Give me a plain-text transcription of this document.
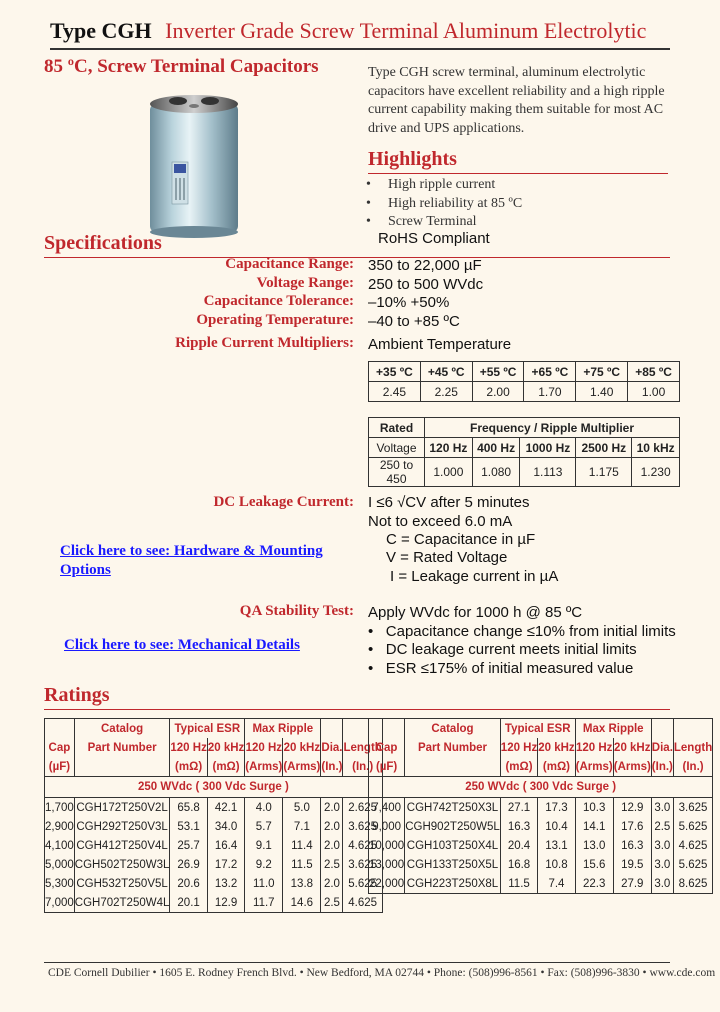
Type CGH Inverter Grade Screw Terminal Aluminum Electrolytic
85 ºC, Screw Terminal Capacitors	Type CGH screw terminal, aluminum electrolytic capacitors have excellent reliability and a high ripple current capability making them suitable for most AC drive and UPS applications.
Highlights
• High ripple current
• High reliability at 85 ºC
• Screw Terminal
RoHS Compliant
Specifications
Capacitance Range: 350 to 22,000 µF
Voltage Range: 250 to 500 WVdc
Capacitance Tolerance: –10% +50%
Operating Temperature: –40 to +85 ºC
Ripple Current Multipliers: Ambient Temperature
+35 ºC	+45 ºC	+55 ºC	+65 ºC	+75 ºC	+85 ºC
2.45	2.25	2.00	1.70	1.40	1.00
Rated	Frequency / Ripple Multiplier				
Voltage	120 Hz	400 Hz	1000 Hz	2500 Hz	10 kHz
250 to 450	1.000	1.080	1.113	1.175	1.230
DC Leakage Current: I ≤6 √CV after 5 minutes
Not to exceed 6.0 mA
C = Capacitance in µF
V = Rated Voltage
I = Leakage current in µA
Click here to see: Hardware & Mounting
Options
Click here to see: Mechanical Details
QA Stability Test: Apply WVdc for 1000 h @ 85 ºC
•   Capacitance change ≤10% from initial limits
•   DC leakage current meets initial limits
•   ESR ≤175% of initial measured value
Ratings
	Catalog	Typical ESR		Max Ripple			
Cap	Part Number	120 Hz	20 kHz	120 Hz	20 kHz	Dia.	Length
(µF)		(mΩ)	(mΩ)	(Arms)	(Arms)	(In.)	(In.)
250 WVdc ( 300 Vdc Surge )							
1,700	CGH172T250V2L	65.8	42.1	4.0	5.0	2.0	2.625
2,900	CGH292T250V3L	53.1	34.0	5.7	7.1	2.0	3.625
4,100	CGH412T250V4L	25.7	16.4	9.1	11.4	2.0	4.625
5,000	CGH502T250W3L	26.9	17.2	9.2	11.5	2.5	3.625
5,300	CGH532T250V5L	20.6	13.2	11.0	13.8	2.0	5.625
7,000	CGH702T250W4L	20.1	12.9	11.7	14.6	2.5	4.625
	Catalog	Typical ESR		Max Ripple			
Cap	Part Number	120 Hz	20 kHz	120 Hz	20 kHz	Dia.	Length
(µF)		(mΩ)	(mΩ)	(Arms)	(Arms)	(In.)	(In.)
250 WVdc ( 300 Vdc Surge )							
7,400	CGH742T250X3L	27.1	17.3	10.3	12.9	3.0	3.625
9,000	CGH902T250W5L	16.3	10.4	14.1	17.6	2.5	5.625
10,000	CGH103T250X4L	20.4	13.1	13.0	16.3	3.0	4.625
13,000	CGH133T250X5L	16.8	10.8	15.6	19.5	3.0	5.625
22,000	CGH223T250X8L	11.5	7.4	22.3	27.9	3.0	8.625
CDE Cornell Dubilier • 1605 E. Rodney French Blvd. • New Bedford, MA 02744 • Phone: (508)996-8561 • Fax: (508)996-3830 • www.cde.com
